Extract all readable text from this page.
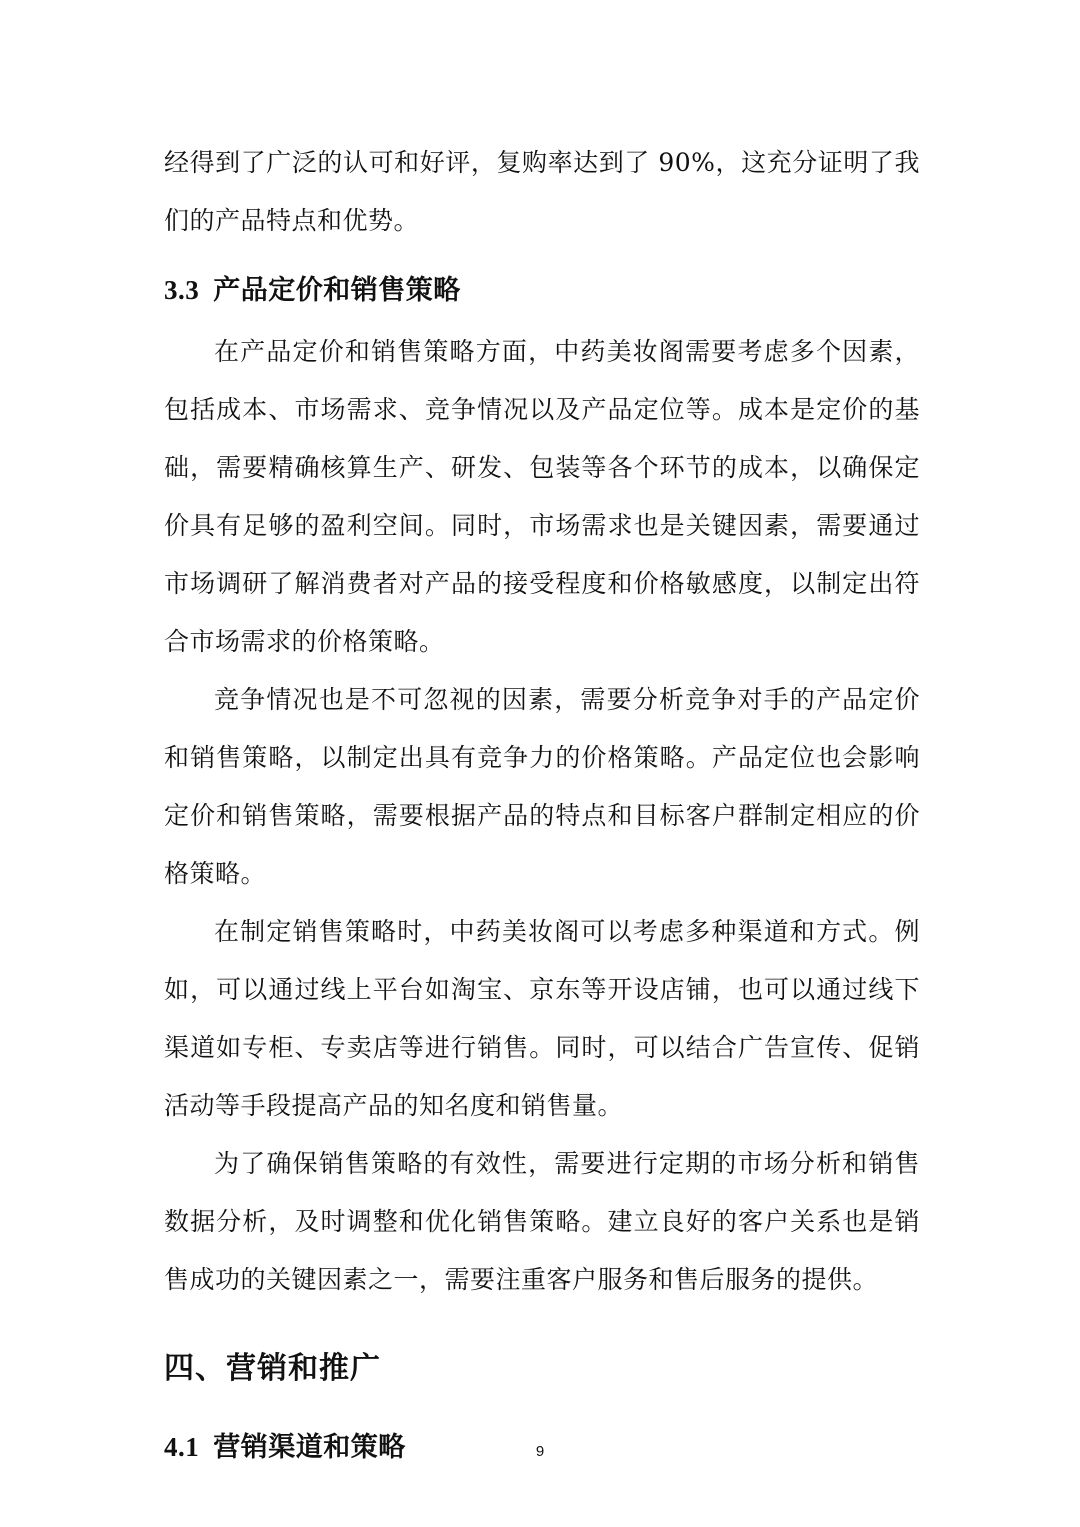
经得到了广泛的认可和好评，复购率达到了 90%，这充分证明了我们的产品特点和优势。

3.3 产品定价和销售策略

在产品定价和销售策略方面，中药美妆阁需要考虑多个因素，包括成本、市场需求、竞争情况以及产品定位等。成本是定价的基础，需要精确核算生产、研发、包装等各个环节的成本，以确保定价具有足够的盈利空间。同时，市场需求也是关键因素，需要通过市场调研了解消费者对产品的接受程度和价格敏感度，以制定出符合市场需求的价格策略。

竞争情况也是不可忽视的因素，需要分析竞争对手的产品定价和销售策略，以制定出具有竞争力的价格策略。产品定位也会影响定价和销售策略，需要根据产品的特点和目标客户群制定相应的价格策略。

在制定销售策略时，中药美妆阁可以考虑多种渠道和方式。例如，可以通过线上平台如淘宝、京东等开设店铺，也可以通过线下渠道如专柜、专卖店等进行销售。同时，可以结合广告宣传、促销活动等手段提高产品的知名度和销售量。

为了确保销售策略的有效性，需要进行定期的市场分析和销售数据分析，及时调整和优化销售策略。建立良好的客户关系也是销售成功的关键因素之一，需要注重客户服务和售后服务的提供。

四、营销和推广
4.1 营销渠道和策略	9
